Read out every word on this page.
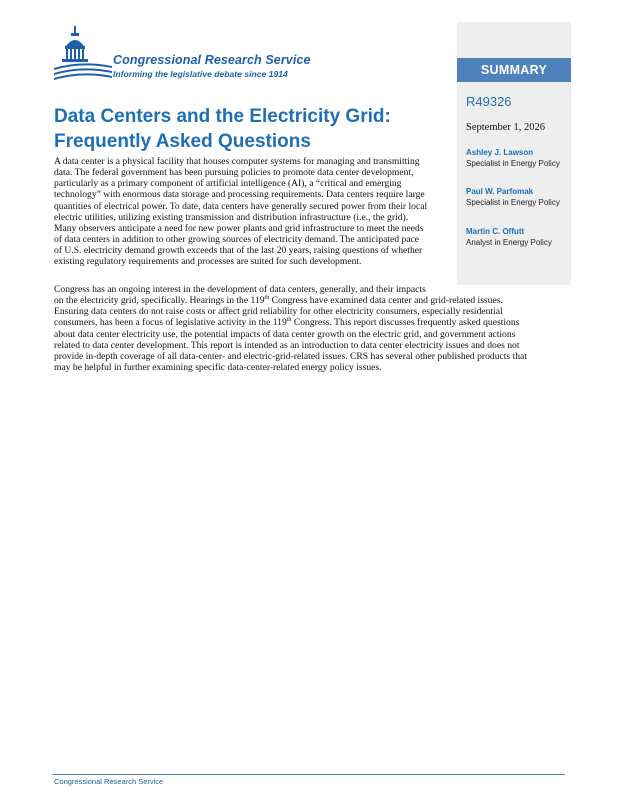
SUMMARY
R49326
September 1, 2026
Ashley J. Lawson
Specialist in Energy Policy
Paul W. Parfomak
Specialist in Energy Policy
Martin C. Offutt
Analyst in Energy Policy
Congressional Research Service
Informing the legislative debate since 1914
Data Centers and the Electricity Grid:
Frequently Asked Questions
A data center is a physical facility that houses computer systems for managing and transmitting
data. The federal government has been pursuing policies to promote data center development,
particularly as a primary component of artificial intelligence (AI), a “critical and emerging
technology” with enormous data storage and processing requirements. Data centers require large
quantities of electrical power. To date, data centers have generally secured power from their local
electric utilities, utilizing existing transmission and distribution infrastructure (i.e., the grid).
Many observers anticipate a need for new power plants and grid infrastructure to meet the needs
of data centers in addition to other growing sources of electricity demand. The anticipated pace
of U.S. electricity demand growth exceeds that of the last 20 years, raising questions of whether
existing regulatory requirements and processes are suited for such development.
Congress has an ongoing interest in the development of data centers, generally, and their impacts
on the electricity grid, specifically. Hearings in the 119th Congress have examined data center and grid-related issues.
Ensuring data centers do not raise costs or affect grid reliability for other electricity consumers, especially residential
consumers, has been a focus of legislative activity in the 119th Congress. This report discusses frequently asked questions
about data center electricity use, the potential impacts of data center growth on the electric grid, and government actions
related to data center development. This report is intended as an introduction to data center electricity issues and does not
provide in-depth coverage of all data-center- and electric-grid-related issues. CRS has several other published products that
may be helpful in further examining specific data-center-related energy policy issues.
Congressional Research Service
